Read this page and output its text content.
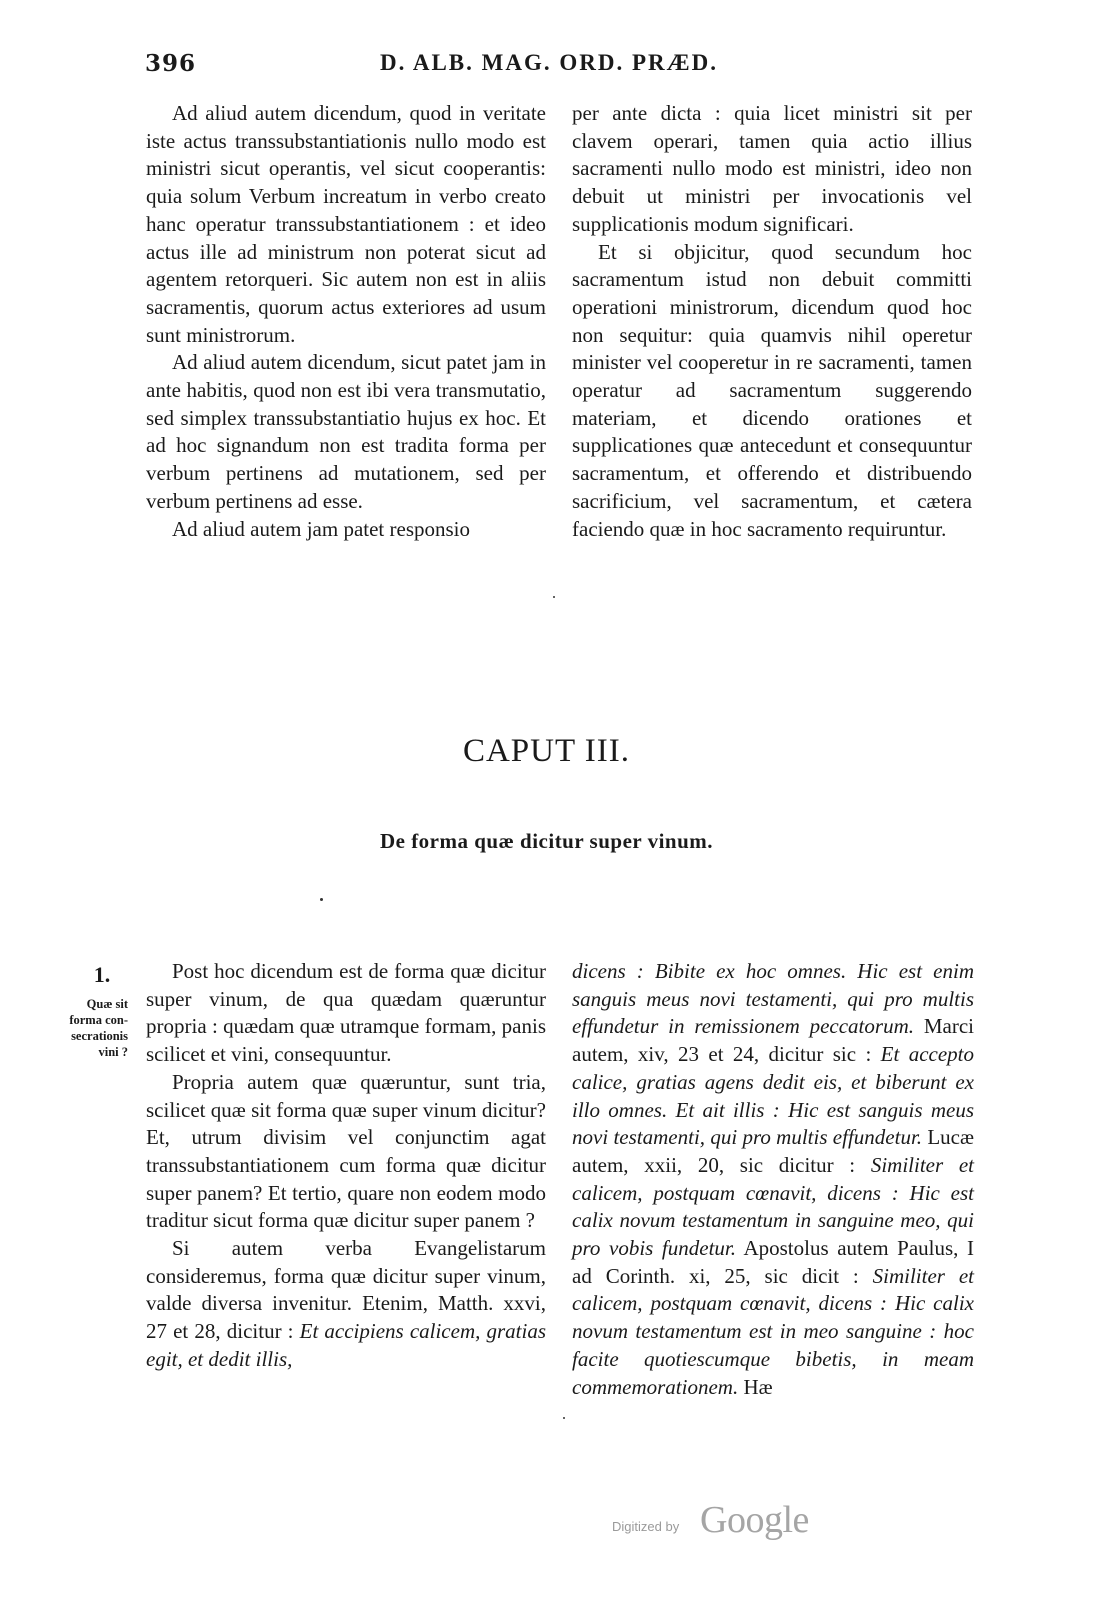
396	D. ALB. MAG. ORD. PRÆD.

Ad aliud autem dicendum, quod in veritate iste actus transsubstantiationis nullo modo est ministri sicut operantis, vel sicut cooperantis: quia solum Verbum increatum in verbo creato hanc operatur transsubstantiationem : et ideo actus ille ad ministrum non poterat sicut ad agentem retorqueri. Sic autem non est in aliis sacramentis, quorum actus exteriores ad usum sunt ministrorum.

Ad aliud autem dicendum, sicut patet jam in ante habitis, quod non est ibi vera transmutatio, sed simplex transsubstantiatio hujus ex hoc. Et ad hoc signandum non est tradita forma per verbum pertinens ad mutationem, sed per verbum pertinens ad esse.

Ad aliud autem jam patet responsio

per ante dicta : quia licet ministri sit per clavem operari, tamen quia actio illius sacramenti nullo modo est ministri, ideo non debuit ut ministri per invocationis vel supplicationis modum significari.

Et si objicitur, quod secundum hoc sacramentum istud non debuit committi operationi ministrorum, dicendum quod hoc non sequitur: quia quamvis nihil operetur minister vel cooperetur in re sacramenti, tamen operatur ad sacramentum suggerendo materiam, et dicendo orationes et supplicationes quæ antecedunt et consequuntur sacramentum, et offerendo et distribuendo sacrificium, vel sacramentum, et cætera faciendo quæ in hoc sacramento requiruntur.

CAPUT III.
De forma quæ dicitur super vinum.
1.
Quæ sit
forma con-
secrationis
vini ?

Post hoc dicendum est de forma quæ dicitur super vinum, de qua quædam quæruntur propria : quædam quæ utramque formam, panis scilicet et vini, consequuntur.

Propria autem quæ quæruntur, sunt tria, scilicet quæ sit forma quæ super vinum dicitur? Et, utrum divisim vel conjunctim agat transsubstantiationem cum forma quæ dicitur super panem? Et tertio, quare non eodem modo traditur sicut forma quæ dicitur super panem ?

Si autem verba Evangelistarum consideremus, forma quæ dicitur super vinum, valde diversa invenitur. Etenim, Matth. xxvi, 27 et 28, dicitur : Et accipiens calicem, gratias egit, et dedit illis,

dicens : Bibite ex hoc omnes. Hic est enim sanguis meus novi testamenti, qui pro multis effundetur in remissionem peccatorum. Marci autem, xiv, 23 et 24, dicitur sic : Et accepto calice, gratias agens dedit eis, et biberunt ex illo omnes. Et ait illis : Hic est sanguis meus novi testamenti, qui pro multis effundetur. Lucæ autem, xxii, 20, sic dicitur : Similiter et calicem, postquam cœnavit, dicens : Hic est calix novum testamentum in sanguine meo, qui pro vobis fundetur. Apostolus autem Paulus, I ad Corinth. xi, 25, sic dicit : Similiter et calicem, postquam cœnavit, dicens : Hic calix novum testamentum est in meo sanguine : hoc facite quotiescumque bibetis, in meam commemorationem. Hæ

Digitized by Google
